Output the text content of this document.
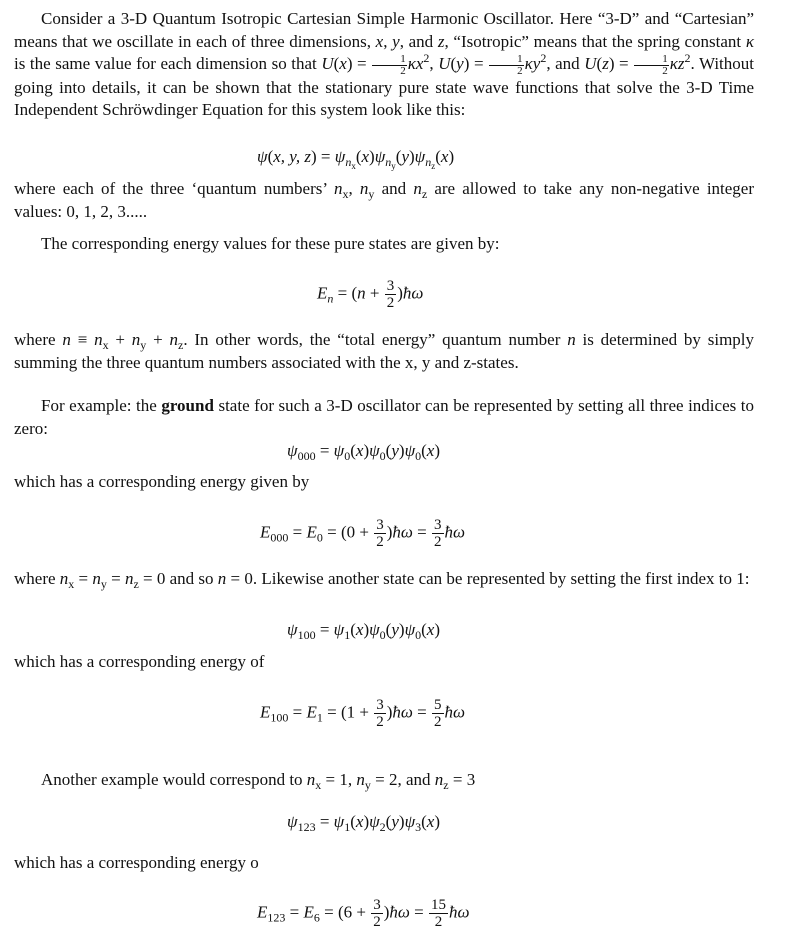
Consider a 3-D Quantum Isotropic Cartesian Simple Harmonic Oscillator. Here “3-D” and “Cartesian” means that we oscillate in each of three dimensions, x, y, and z, “Isotropic” means that the spring constant κ is the same value for each dimension so that $U(x) = \frac{1}{2} \kappa x^2$, $U(y) = \frac{1}{2} \kappa y^2$, and $U(z) = \frac{1}{2} \kappa z^2$. Without going into details, it can be shown that the stationary pure state wave functions that solve the 3-D Time Independent Schröwdinger Equation for this system look like this:
ψ(x, y, $z) = \psi_{n_x}(x)\psi_{n_y}(y)\psi_{n_z}(x)$
where each of the three ‘quantum numbers’ $n_x$, $n_y$ and $n_z$ are allowed to take any non-negative integer values: 0, 1, 2, 3.....
The corresponding energy values for these pure states are given by:
$E_n = (n + \frac{3}{2}$ )ħω
where $n \equiv n_x + n_y + n_z$. In other words, the “total energy” quantum number n is determined by simply summing the three quantum numbers associated with the x, y and z-states.
For example: the ground state for such a 3-D oscillator can be represented by setting all three indices to zero:
$\psi_{000} = \psi_0(x)\psi_0(y)\psi_0(x)$
which has a corresponding energy given by
$E_{000} = E_0 = (0 + \frac{3}{2}$ )ħω = $\frac{3}{2}$ ħω
where $n_x = n_y = n_z = 0$ and so n = 0. Likewise another state can be represented by setting the first index to 1:
$\psi_{100} = \psi_1(x)\psi_0(y)\psi_0(x)$
which has a corresponding energy of
$E_{100} = E_1 = (1 + \frac{3}{2}$ )ħω = $\frac{5}{2}$ ħω
Another example would correspond to $n_x = 1$, $n_y = 2$, and $n_z = 3$
$\psi_{123} = \psi_1(x)\psi_2(y)\psi_3(x)$
which has a corresponding energy o
$E_{123} = E_6 = (6 + \frac{3}{2}$ )ħω = $\frac{15}{2}$ ħω
